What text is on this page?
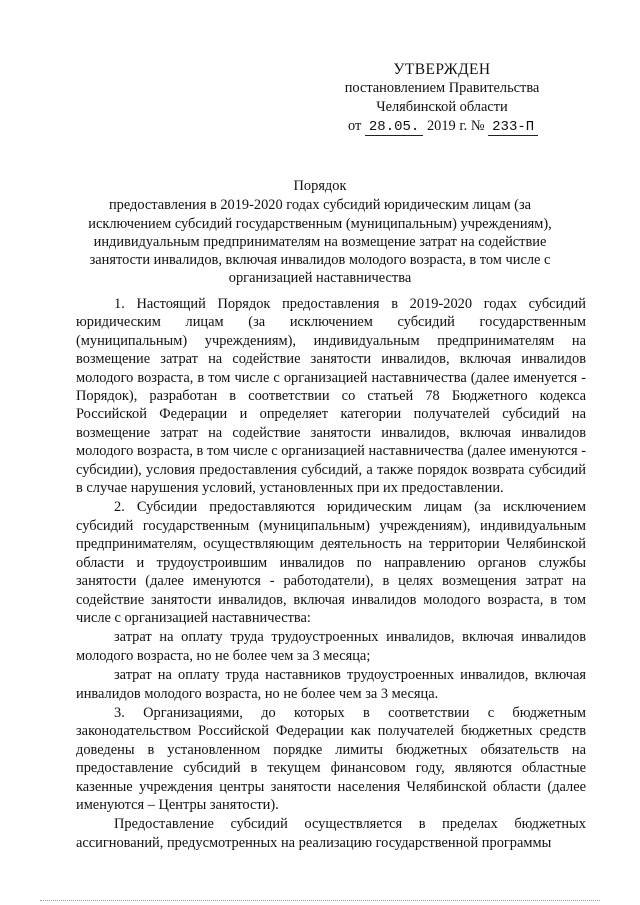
УТВЕРЖДЕН
постановлением Правительства
Челябинской области
от 28.05. 2019 г. № 233-П
Порядок
предоставления в 2019-2020 годах субсидий юридическим лицам (за
исключением субсидий государственным (муниципальным) учреждениям),
индивидуальным предпринимателям на возмещение затрат на содействие
занятости инвалидов, включая инвалидов молодого возраста, в том числе с
организацией наставничества

1. Настоящий Порядок предоставления в 2019-2020 годах субсидий юридическим лицам (за исключением субсидий государственным (муниципальным) учреждениям), индивидуальным предпринимателям на возмещение затрат на содействие занятости инвалидов, включая инвалидов молодого возраста, в том числе с организацией наставничества (далее именуется - Порядок), разработан в соответствии со статьей 78 Бюджетного кодекса Российской Федерации и определяет категории получателей субсидий на возмещение затрат на содействие занятости инвалидов, включая инвалидов молодого возраста, в том числе с организацией наставничества (далее именуются - субсидии), условия предоставления субсидий, а также порядок возврата субсидий в случае нарушения условий, установленных при их предоставлении.

2. Субсидии предоставляются юридическим лицам (за исключением субсидий государственным (муниципальным) учреждениям), индивидуальным предпринимателям, осуществляющим деятельность на территории Челябинской области и трудоустроившим инвалидов по направлению органов службы занятости (далее именуются - работодатели), в целях возмещения затрат на содействие занятости инвалидов, включая инвалидов молодого возраста, в том числе с организацией наставничества:

затрат на оплату труда трудоустроенных инвалидов, включая инвалидов молодого возраста, но не более чем за 3 месяца;

затрат на оплату труда наставников трудоустроенных инвалидов, включая инвалидов молодого возраста, но не более чем за 3 месяца.

3. Организациями, до которых в соответствии с бюджетным законодательством Российской Федерации как получателей бюджетных средств доведены в установленном порядке лимиты бюджетных обязательств на предоставление субсидий в текущем финансовом году, являются областные казенные учреждения центры занятости населения Челябинской области (далее именуются – Центры занятости).

Предоставление субсидий осуществляется в пределах бюджетных ассигнований, предусмотренных на реализацию государственной программы
